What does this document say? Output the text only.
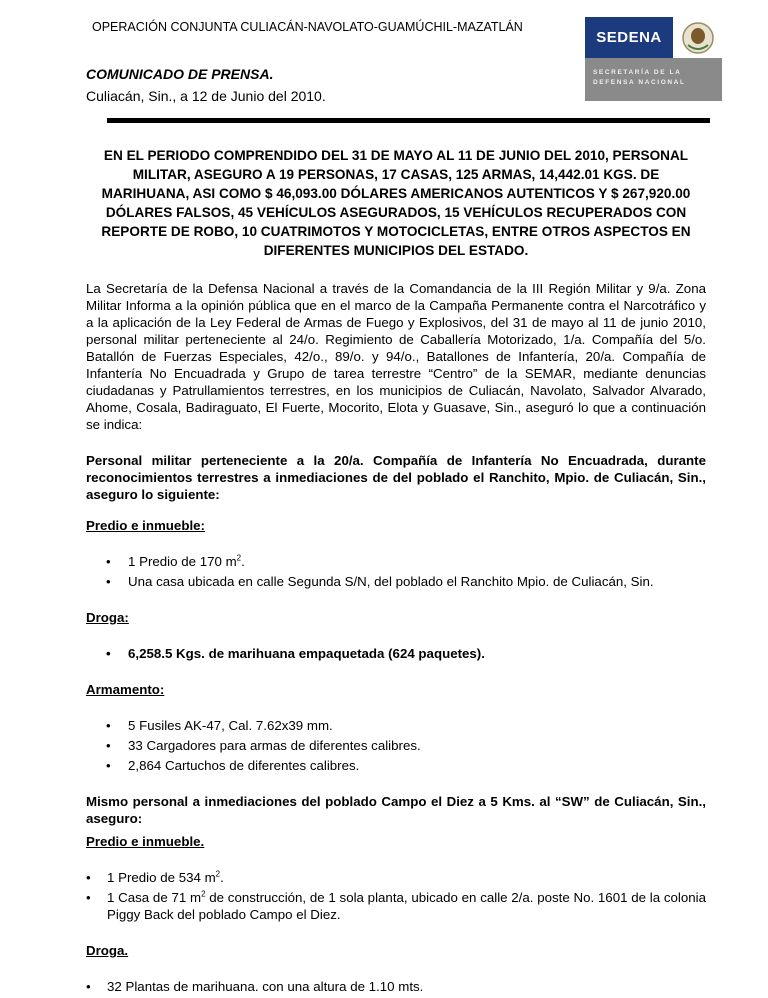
OPERACIÓN CONJUNTA CULIACÁN-NAVOLATO-GUAMÚCHIL-MAZATLÁN
SEDENA
SECRETARÍA DE LA
DEFENSA NACIONAL
COMUNICADO DE PRENSA.
Culiacán, Sin., a 12 de Junio del 2010.
EN EL PERIODO COMPRENDIDO DEL 31 DE MAYO AL 11 DE JUNIO DEL 2010, PERSONAL MILITAR, ASEGURO A 19 PERSONAS, 17 CASAS, 125 ARMAS, 14,442.01 KGS. DE MARIHUANA, ASI COMO $ 46,093.00 DÓLARES AMERICANOS AUTENTICOS Y $ 267,920.00 DÓLARES FALSOS, 45 VEHÍCULOS ASEGURADOS, 15 VEHÍCULOS RECUPERADOS CON REPORTE DE ROBO, 10 CUATRIMOTOS Y MOTOCICLETAS, ENTRE OTROS ASPECTOS EN DIFERENTES MUNICIPIOS DEL ESTADO.

La Secretaría de la Defensa Nacional a través de la Comandancia de la III Región Militar y 9/a. Zona Militar Informa a la opinión pública que en el marco de la Campaña Permanente contra el Narcotráfico y a la aplicación de la Ley Federal de Armas de Fuego y Explosivos, del 31 de mayo al 11 de junio 2010, personal militar perteneciente al 24/o. Regimiento de Caballería Motorizado, 1/a. Compañía del 5/o. Batallón de Fuerzas Especiales, 42/o., 89/o. y 94/o., Batallones de Infantería, 20/a. Compañía de Infantería No Encuadrada y Grupo de tarea terrestre “Centro” de la SEMAR, mediante denuncias ciudadanas y Patrullamientos terrestres, en los municipios de Culiacán, Navolato, Salvador Alvarado, Ahome, Cosala, Badiraguato, El Fuerte, Mocorito, Elota y Guasave, Sin., aseguró lo que a continuación se indica:

Personal militar perteneciente a la 20/a. Compañía de Infantería No Encuadrada, durante reconocimientos terrestres a inmediaciones de del poblado el Ranchito, Mpio. de Culiacán, Sin., aseguro lo siguiente:

Predio e inmueble:
• 1 Predio de 170 $m^2$.
• Una casa ubicada en calle Segunda S/N, del poblado el Ranchito Mpio. de Culiacán, Sin.
Droga:
• 6,258.5 Kgs. de marihuana empaquetada (624 paquetes).
Armamento:
• 5 Fusiles AK-47, Cal. 7.62x39 mm.
• 33 Cargadores para armas de diferentes calibres.
• 2,864 Cartuchos de diferentes calibres.

Mismo personal a inmediaciones del poblado Campo el Diez a 5 Kms. al “SW” de Culiacán, Sin., aseguro:

Predio e inmueble.
• 1 Predio de 534 $m^2$.
• 1 Casa de 71 $m^2$ de construcción, de 1 sola planta, ubicado en calle 2/a. poste No. 1601 de la colonia Piggy Back del poblado Campo el Diez.
Droga.
• 32 Plantas de marihuana. con una altura de 1.10 mts.
